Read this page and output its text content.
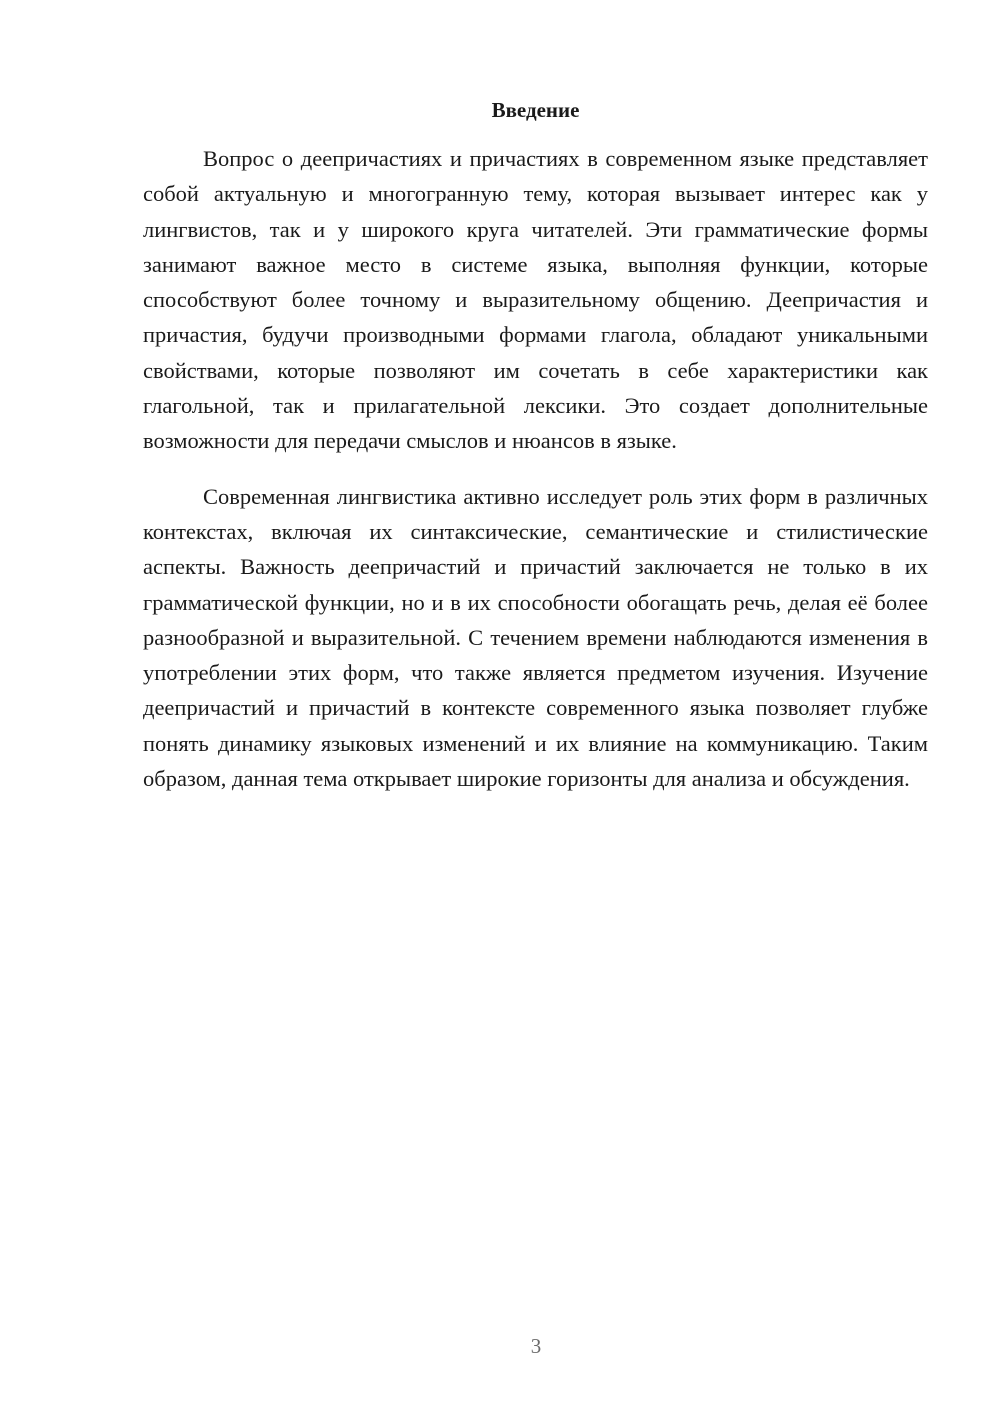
Введение

Вопрос о деепричастиях и причастиях в современном языке представляет собой актуальную и многогранную тему, которая вызывает интерес как у лингвистов, так и у широкого круга читателей. Эти грамматические формы занимают важное место в системе языка, выполняя функции, которые способствуют более точному и выразительному общению. Деепричастия и причастия, будучи производными формами глагола, обладают уникальными свойствами, которые позволяют им сочетать в себе характеристики как глагольной, так и прилагательной лексики. Это создает дополнительные возможности для передачи смыслов и нюансов в языке.

Современная лингвистика активно исследует роль этих форм в различных контекстах, включая их синтаксические, семантические и стилистические аспекты. Важность деепричастий и причастий заключается не только в их грамматической функции, но и в их способности обогащать речь, делая её более разнообразной и выразительной. С течением времени наблюдаются изменения в употреблении этих форм, что также является предметом изучения. Изучение деепричастий и причастий в контексте современного языка позволяет глубже понять динамику языковых изменений и их влияние на коммуникацию. Таким образом, данная тема открывает широкие горизонты для анализа и обсуждения.

3
